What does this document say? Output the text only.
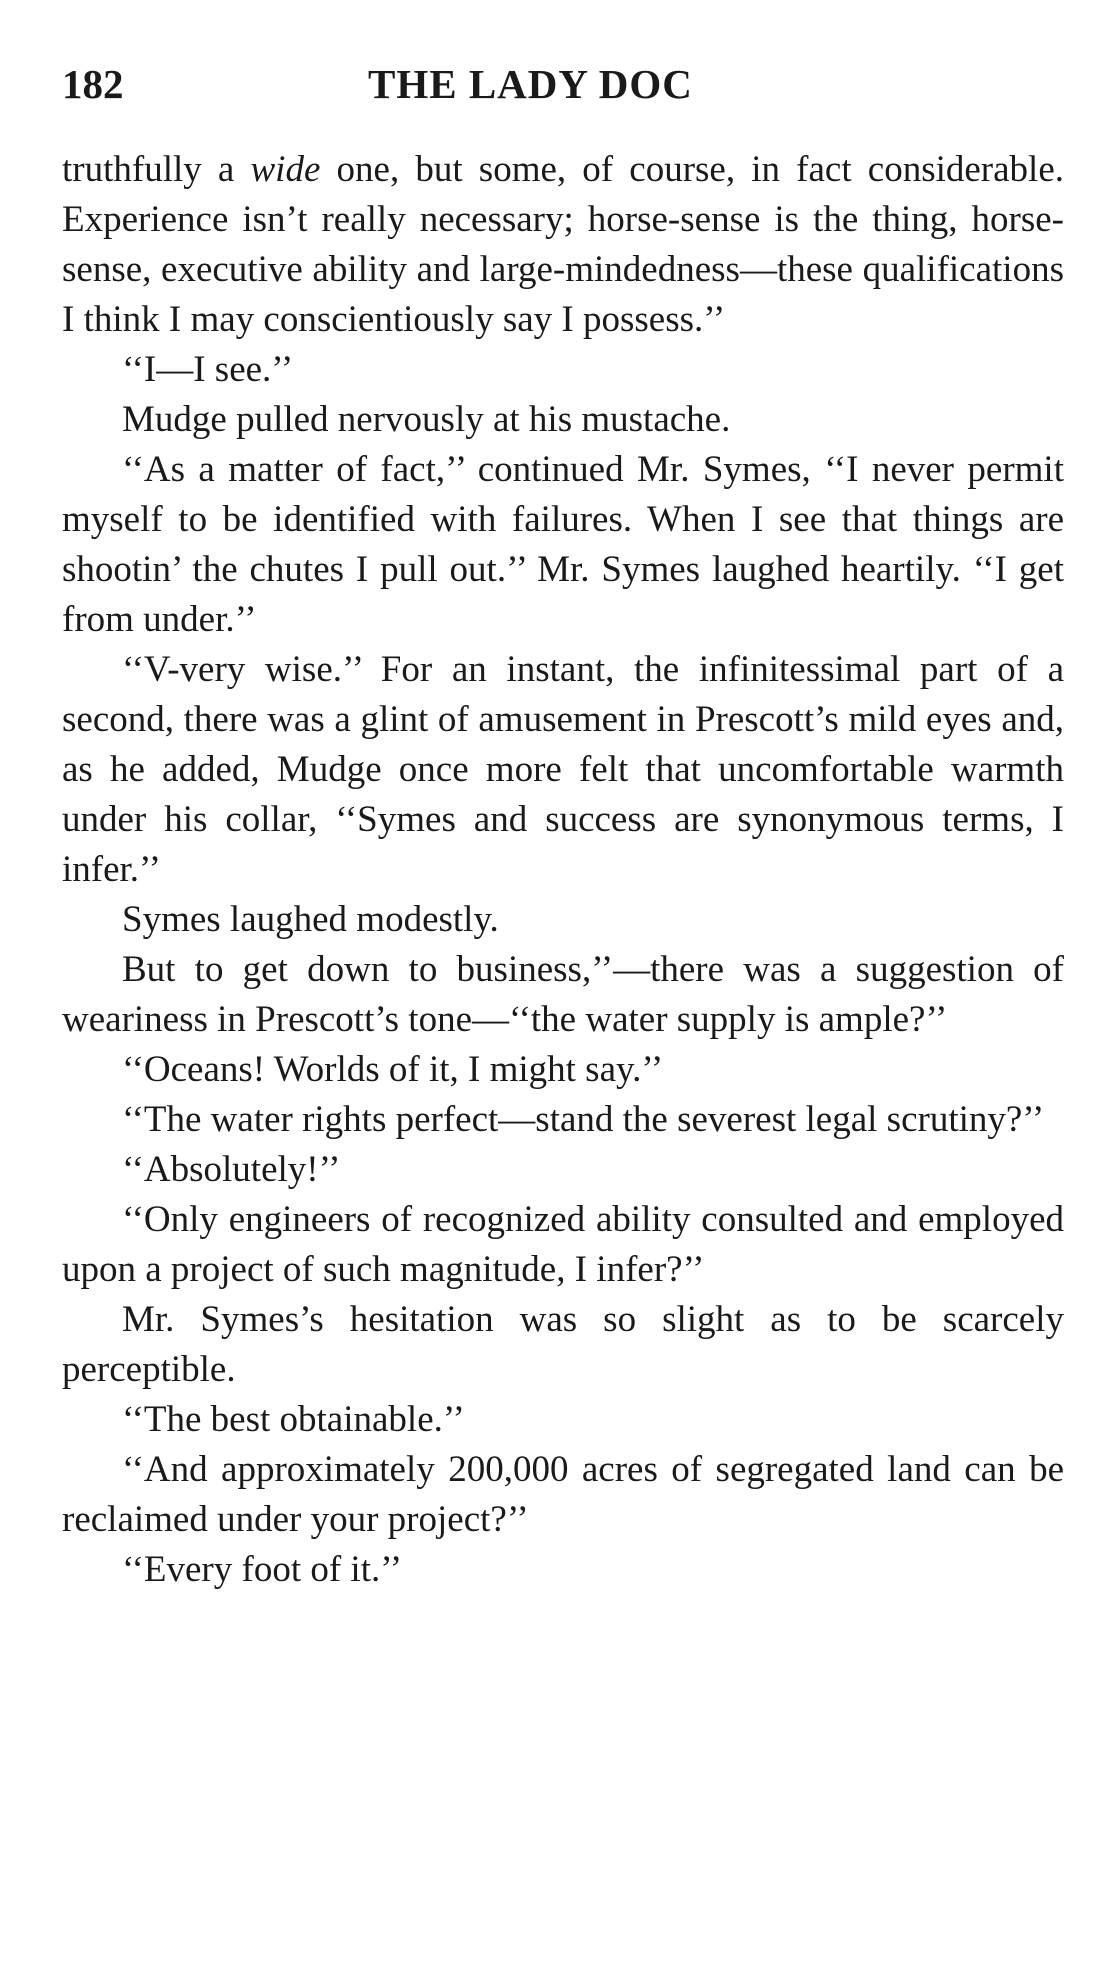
182	THE LADY DOC

truthfully a wide one, but some, of course, in fact considerable. Experience isn’t really necessary; horse-sense is the thing, horse-sense, executive ability and large-mindedness—these qualifications I think I may conscientiously say I possess.’’

‘‘I—I see.’’

Mudge pulled nervously at his mustache.

‘‘As a matter of fact,’’ continued Mr. Symes, ‘‘I never permit myself to be identified with failures. When I see that things are shootin’ the chutes I pull out.’’ Mr. Symes laughed heartily. ‘‘I get from under.’’

‘‘V-very wise.’’ For an instant, the infinitessimal part of a second, there was a glint of amusement in Prescott’s mild eyes and, as he added, Mudge once more felt that uncomfortable warmth under his collar, ‘‘Symes and success are synonymous terms, I infer.’’

Symes laughed modestly.

But to get down to business,’’—there was a suggestion of weariness in Prescott’s tone—‘‘the water supply is ample?’’

‘‘Oceans! Worlds of it, I might say.’’

‘‘The water rights perfect—stand the severest legal scrutiny?’’

‘‘Absolutely!’’

‘‘Only engineers of recognized ability consulted and employed upon a project of such magnitude, I infer?’’

Mr. Symes’s hesitation was so slight as to be scarcely perceptible.

‘‘The best obtainable.’’

‘‘And approximately 200,000 acres of segregated land can be reclaimed under your project?’’

‘‘Every foot of it.’’
